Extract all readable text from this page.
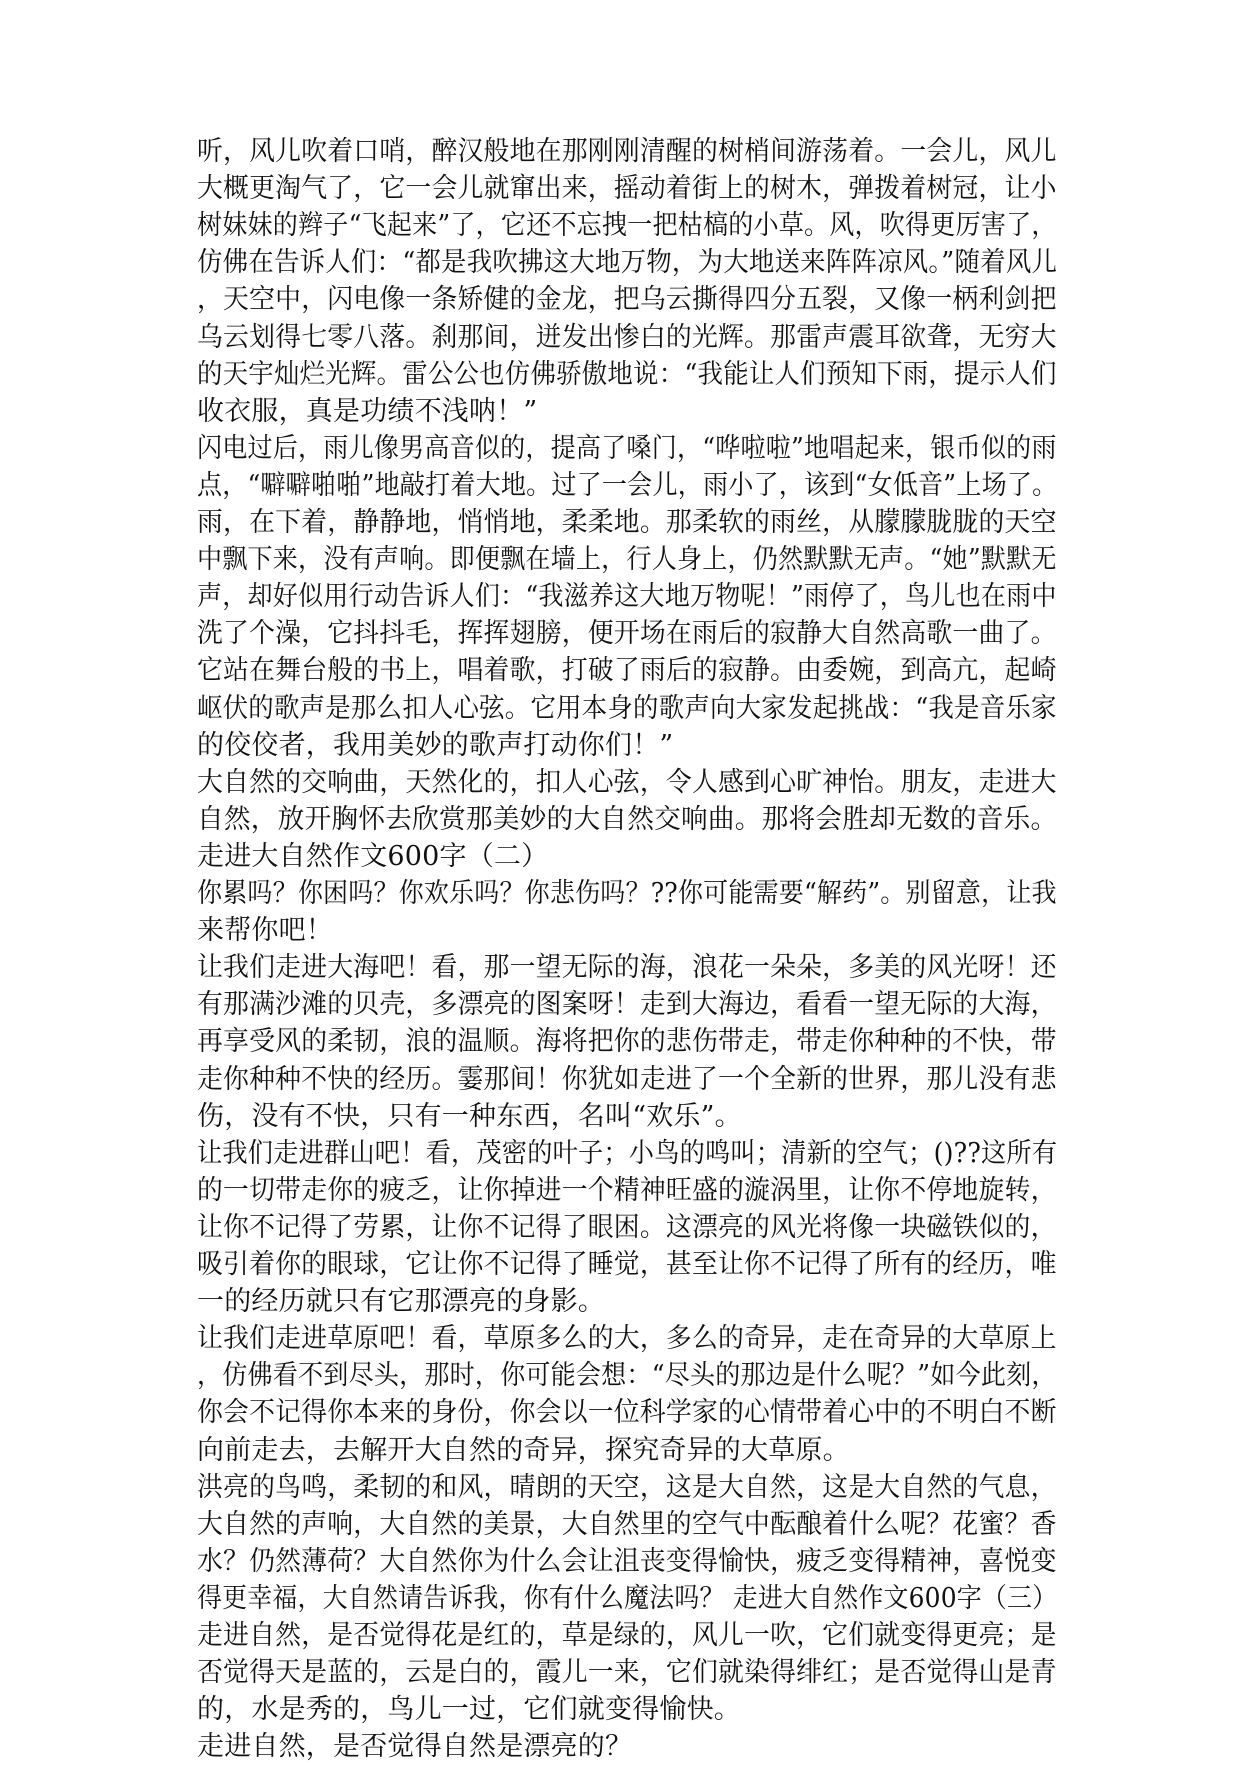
听，风儿吹着口哨，醉汉般地在那刚刚清醒的树梢间游荡着。一会儿，风儿
大概更淘气了，它一会儿就窜出来，摇动着街上的树木，弹拨着树冠，让小
树妹妹的辫子“飞起来”了，它还不忘拽一把枯槁的小草。风，吹得更厉害了，
仿佛在告诉人们：“都是我吹拂这大地万物，为大地送来阵阵凉风。”随着风儿
，天空中，闪电像一条矫健的金龙，把乌云撕得四分五裂，又像一柄利剑把
乌云划得七零八落。刹那间，迸发出惨白的光辉。那雷声震耳欲聋，无穷大
的天宇灿烂光辉。雷公公也仿佛骄傲地说：“我能让人们预知下雨，提示人们
收衣服，真是功绩不浅呐！”
闪电过后，雨儿像男高音似的，提高了嗓门，“哗啦啦”地唱起来，银币似的雨
点，“噼噼啪啪”地敲打着大地。过了一会儿，雨小了，该到“女低音”上场了。
雨，在下着，静静地，悄悄地，柔柔地。那柔软的雨丝，从朦朦胧胧的天空
中飘下来，没有声响。即便飘在墙上，行人身上，仍然默默无声。“她”默默无
声，却好似用行动告诉人们：“我滋养这大地万物呢！”雨停了，鸟儿也在雨中
洗了个澡，它抖抖毛，挥挥翅膀，便开场在雨后的寂静大自然高歌一曲了。
它站在舞台般的书上，唱着歌，打破了雨后的寂静。由委婉，到高亢，起崎
岖伏的歌声是那么扣人心弦。它用本身的歌声向大家发起挑战：“我是音乐家
的佼佼者，我用美妙的歌声打动你们！”
大自然的交响曲，天然化的，扣人心弦，令人感到心旷神怡。朋友，走进大
自然，放开胸怀去欣赏那美妙的大自然交响曲。那将会胜却无数的音乐。
走进大自然作文600字（二）
你累吗？你困吗？你欢乐吗？你悲伤吗？??你可能需要“解药”。别留意，让我
来帮你吧！
让我们走进大海吧！看，那一望无际的海，浪花一朵朵，多美的风光呀！还
有那满沙滩的贝壳，多漂亮的图案呀！走到大海边，看看一望无际的大海，
再享受风的柔韧，浪的温顺。海将把你的悲伤带走，带走你种种的不快，带
走你种种不快的经历。霎那间！你犹如走进了一个全新的世界，那儿没有悲
伤，没有不快，只有一种东西，名叫“欢乐”。
让我们走进群山吧！看，茂密的叶子；小鸟的鸣叫；清新的空气；()??这所有
的一切带走你的疲乏，让你掉进一个精神旺盛的漩涡里，让你不停地旋转，
让你不记得了劳累，让你不记得了眼困。这漂亮的风光将像一块磁铁似的，
吸引着你的眼球，它让你不记得了睡觉，甚至让你不记得了所有的经历，唯
一的经历就只有它那漂亮的身影。
让我们走进草原吧！看，草原多么的大，多么的奇异，走在奇异的大草原上
，仿佛看不到尽头，那时，你可能会想：“尽头的那边是什么呢？”如今此刻，
你会不记得你本来的身份，你会以一位科学家的心情带着心中的不明白不断
向前走去，去解开大自然的奇异，探究奇异的大草原。
洪亮的鸟鸣，柔韧的和风，晴朗的天空，这是大自然，这是大自然的气息，
大自然的声响，大自然的美景，大自然里的空气中酝酿着什么呢？花蜜？香
水？仍然薄荷？大自然你为什么会让沮丧变得愉快，疲乏变得精神，喜悦变
得更幸福，大自然请告诉我，你有什么魔法吗？ 走进大自然作文600字（三）
走进自然，是否觉得花是红的，草是绿的，风儿一吹，它们就变得更亮；是
否觉得天是蓝的，云是白的，霞儿一来，它们就染得绯红；是否觉得山是青
的，水是秀的，鸟儿一过，它们就变得愉快。
走进自然，是否觉得自然是漂亮的？
